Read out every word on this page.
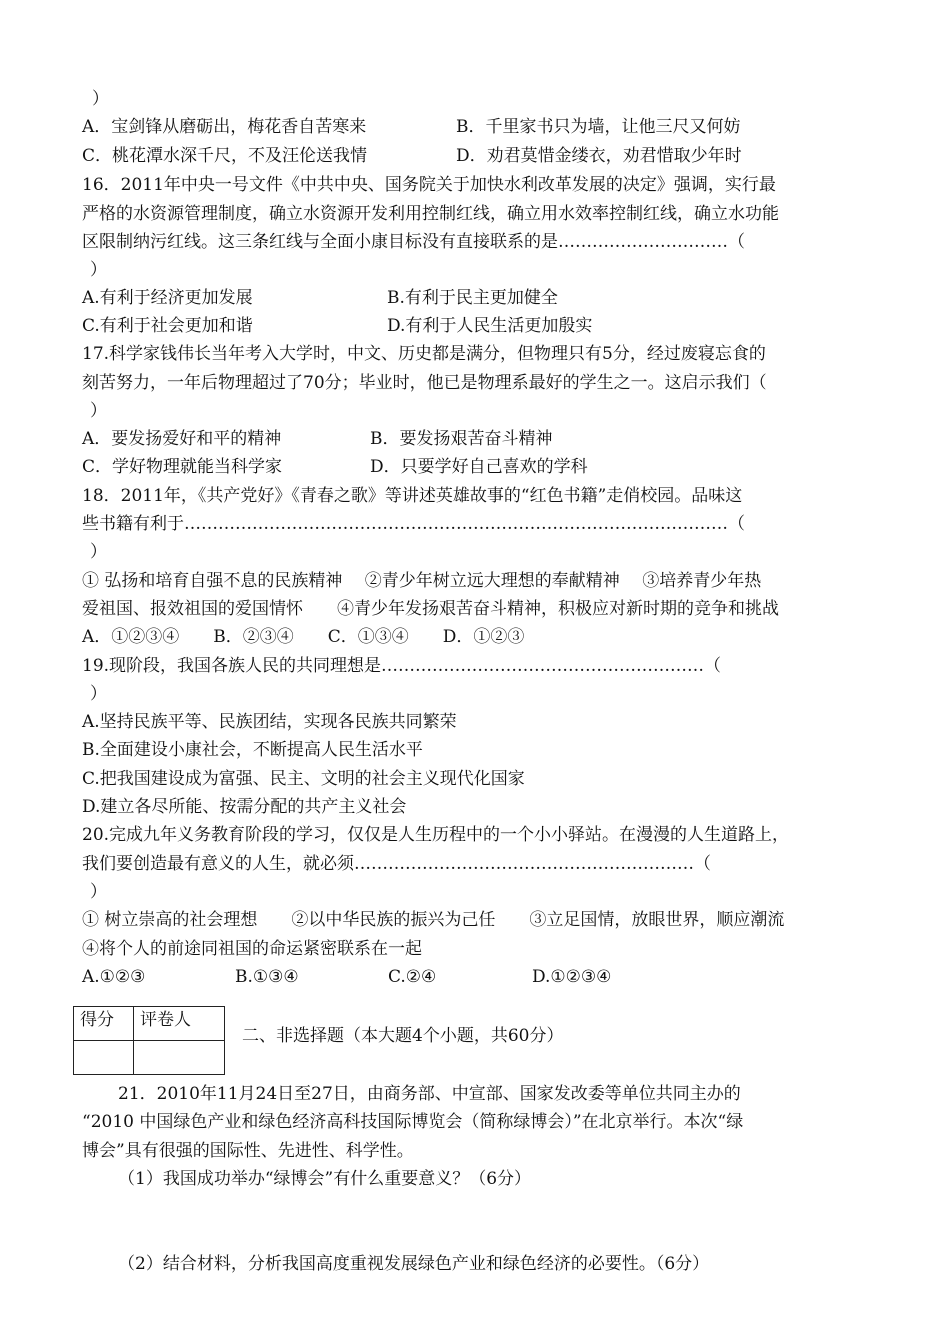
）
A．宝剑锋从磨砺出，梅花香自苦寒来	B．千里家书只为墙，让他三尺又何妨
C．桃花潭水深千尺，不及汪伦送我情	D．劝君莫惜金缕衣，劝君惜取少年时
16．2011年中央一号文件《中共中央、国务院关于加快水利改革发展的决定》强调，实行最
严格的水资源管理制度，确立水资源开发利用控制红线，确立用水效率控制红线，确立水功能
区限制纳污红线。这三条红线与全面小康目标没有直接联系的是…………………………（
）
A.有利于经济更加发展	B.有利于民主更加健全
C.有利于社会更加和谐	D.有利于人民生活更加殷实
17.科学家钱伟长当年考入大学时，中文、历史都是满分，但物理只有5分，经过废寝忘食的
刻苦努力，一年后物理超过了70分；毕业时，他已是物理系最好的学生之一。这启示我们（
）
A．要发扬爱好和平的精神	B．要发扬艰苦奋斗精神
C．学好物理就能当科学家	D．只要学好自己喜欢的学科
18．2011年，《共产党好》《青春之歌》等讲述英雄故事的“红色书籍”走俏校园。品味这
些书籍有利于……………………………………………………………………………………（
）
① 弘扬和培育自强不息的民族精神　 ②青少年树立远大理想的奉献精神　 ③培养青少年热
爱祖国、报效祖国的爱国情怀　　④青少年发扬艰苦奋斗精神，积极应对新时期的竞争和挑战
A．①②③④　　B．②③④　　C．①③④　　D．①②③
19.现阶段，我国各族人民的共同理想是…………………………………………………（
）
A.坚持民族平等、民族团结，实现各民族共同繁荣
B.全面建设小康社会，不断提高人民生活水平
C.把我国建设成为富强、民主、文明的社会主义现代化国家
D.建立各尽所能、按需分配的共产主义社会
20.完成九年义务教育阶段的学习，仅仅是人生历程中的一个小小驿站。在漫漫的人生道路上，
我们要创造最有意义的人生，就必须……………………………………………………（
）
① 树立崇高的社会理想　　②以中华民族的振兴为己任　　③立足国情，放眼世界，顺应潮流
④将个人的前途同祖国的命运紧密联系在一起
A.①②③	B.①③④	C.②④	D.①②③④
得分	评卷人

二、非选择题（本大题4个小题，共60分）
21．2010年11月24日至27日，由商务部、中宣部、国家发改委等单位共同主办的
“2010 中国绿色产业和绿色经济高科技国际博览会（简称绿博会）”在北京举行。本次“绿
博会”具有很强的国际性、先进性、科学性。
（1）我国成功举办“绿博会”有什么重要意义？（6分）
（2）结合材料，分析我国高度重视发展绿色产业和绿色经济的必要性。（6分）
